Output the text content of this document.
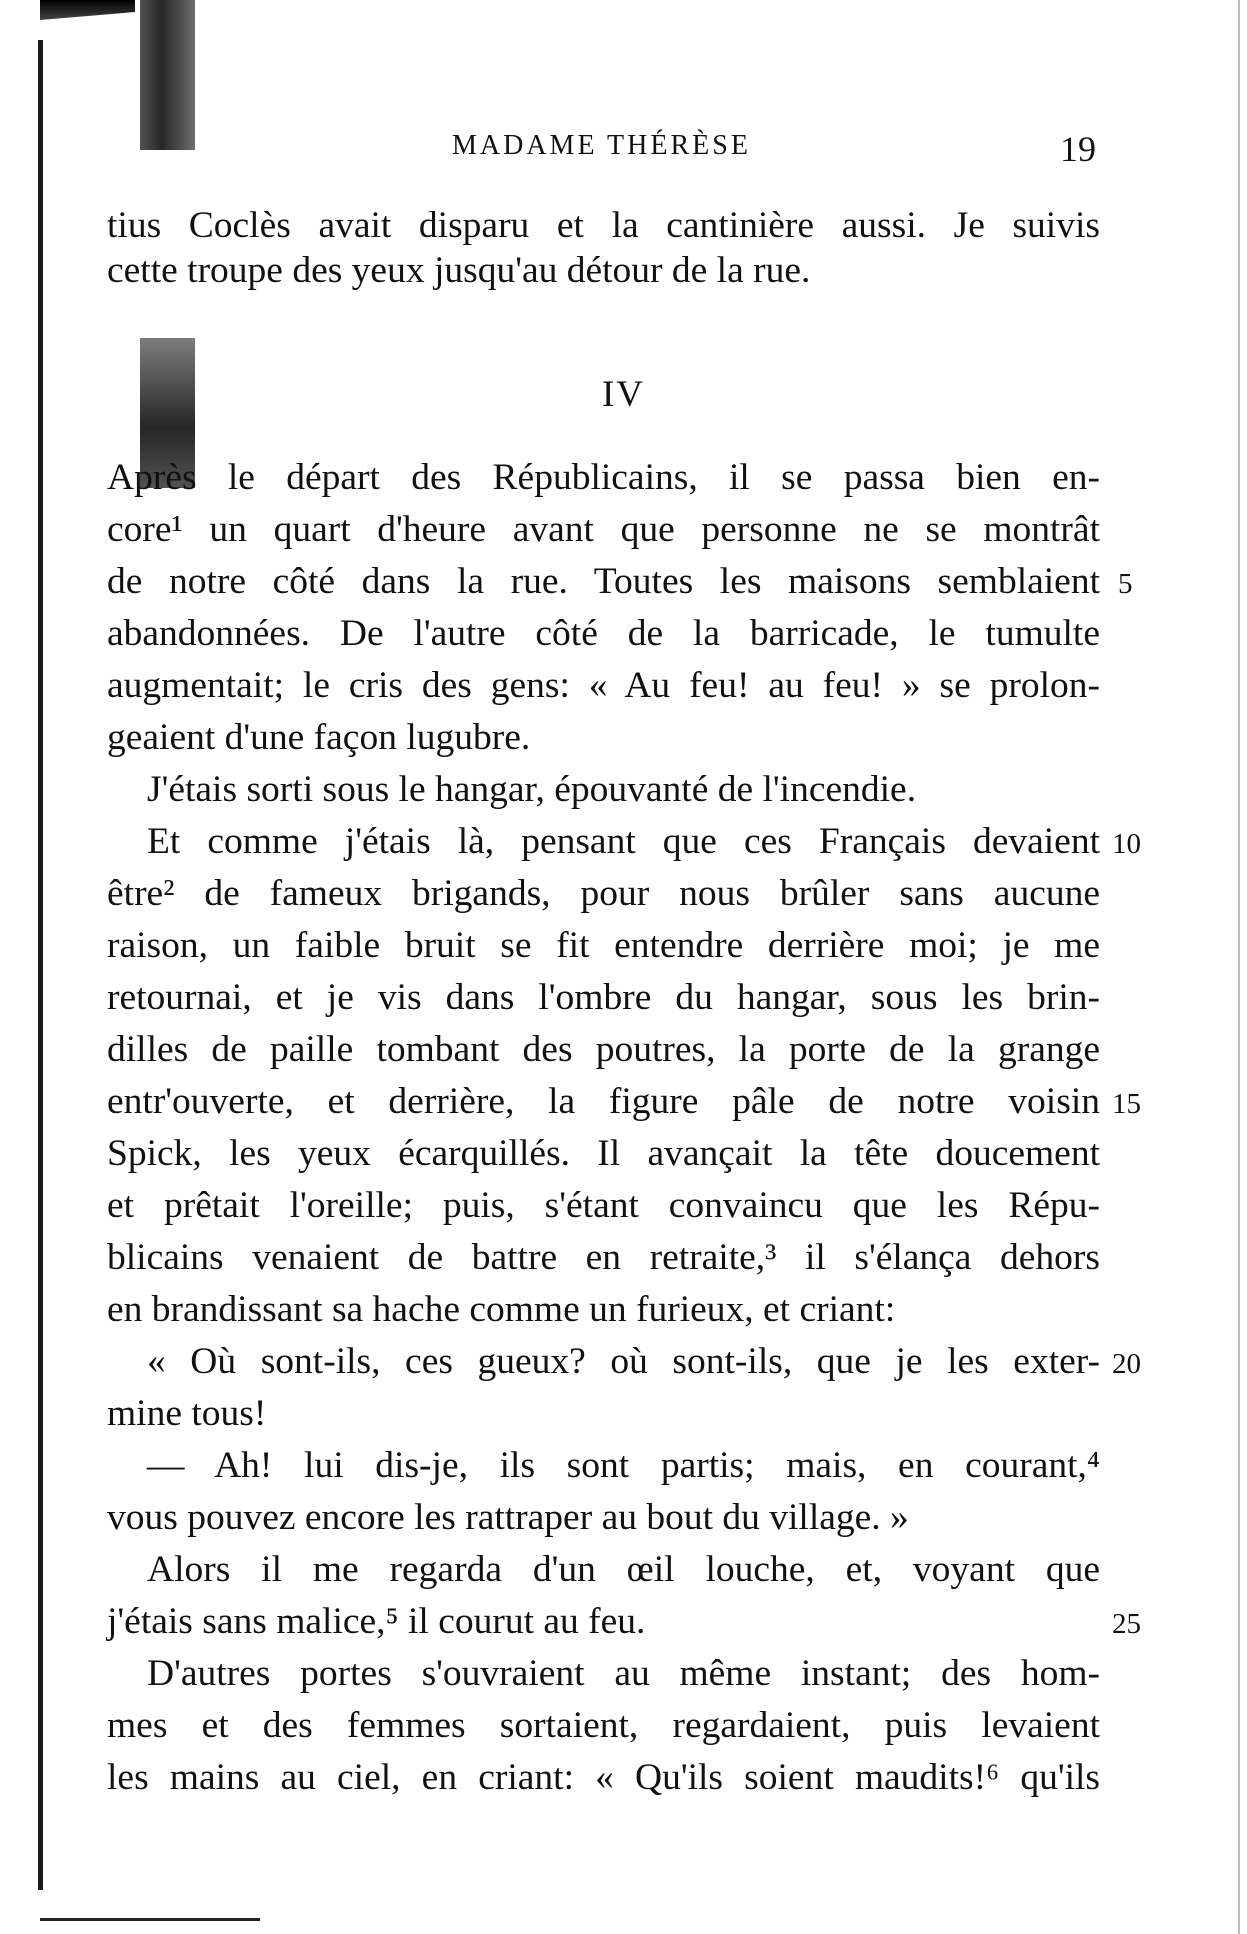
MADAME THÉRÈSE	19
IV
tius Coclès avait disparu et la cantinière aussi. Je suivis
cette troupe des yeux jusqu'au détour de la rue.
Après le départ des Républicains, il se passa bien en-
core¹ un quart d'heure avant que personne ne se montrât
de notre côté dans la rue. Toutes les maisons semblaient
abandonnées. De l'autre côté de la barricade, le tumulte
augmentait; le cris des gens: « Au feu! au feu! » se prolon-
geaient d'une façon lugubre.
J'étais sorti sous le hangar, épouvanté de l'incendie.
Et comme j'étais là, pensant que ces Français devaient
être² de fameux brigands, pour nous brûler sans aucune
raison, un faible bruit se fit entendre derrière moi; je me
retournai, et je vis dans l'ombre du hangar, sous les brin-
dilles de paille tombant des poutres, la porte de la grange
entr'ouverte, et derrière, la figure pâle de notre voisin
Spick, les yeux écarquillés. Il avançait la tête doucement
et prêtait l'oreille; puis, s'étant convaincu que les Répu-
blicains venaient de battre en retraite,³ il s'élança dehors
en brandissant sa hache comme un furieux, et criant:
« Où sont-ils, ces gueux? où sont-ils, que je les exter-
mine tous!
— Ah! lui dis-je, ils sont partis; mais, en courant,⁴
vous pouvez encore les rattraper au bout du village. »
Alors il me regarda d'un œil louche, et, voyant que
j'étais sans malice,⁵ il courut au feu.
D'autres portes s'ouvraient au même instant; des hom-
mes et des femmes sortaient, regardaient, puis levaient
les mains au ciel, en criant: « Qu'ils soient maudits!⁶ qu'ils
5
10
15
20
25
